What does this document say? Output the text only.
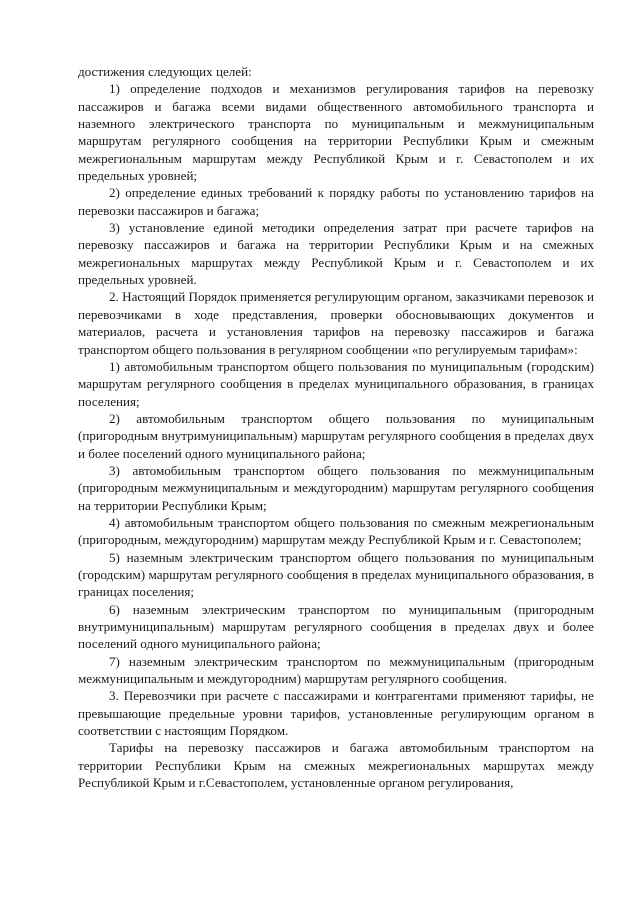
достижения следующих целей:

1) определение подходов и механизмов регулирования тарифов на перевозку пассажиров и багажа всеми видами общественного автомобильного транспорта и наземного электрического транспорта по муниципальным и межмуниципальным маршрутам регулярного сообщения на территории Республики Крым и смежным межрегиональным маршрутам между Республикой Крым и г. Севастополем и их предельных уровней;

2) определение единых требований к порядку работы по установлению тарифов на перевозки пассажиров и багажа;

3) установление единой методики определения затрат при расчете тарифов на перевозку пассажиров и багажа на территории Республики Крым и на смежных межрегиональных маршрутах между Республикой Крым и г. Севастополем и их предельных уровней.

2. Настоящий Порядок применяется регулирующим органом, заказчиками перевозок и перевозчиками в ходе представления, проверки обосновывающих документов и материалов, расчета и установления тарифов на перевозку пассажиров и багажа транспортом общего пользования в регулярном сообщении «по регулируемым тарифам»:

1) автомобильным транспортом общего пользования по муниципальным (городским) маршрутам регулярного сообщения в пределах муниципального образования, в границах поселения;

2) автомобильным транспортом общего пользования по муниципальным (пригородным внутримуниципальным) маршрутам регулярного сообщения в пределах двух и более поселений одного муниципального района;

3) автомобильным транспортом общего пользования по межмуниципальным (пригородным межмуниципальным и междугородним) маршрутам регулярного сообщения на территории Республики Крым;

4) автомобильным транспортом общего пользования по смежным межрегиональным (пригородным, междугородним) маршрутам между Республикой Крым и г. Севастополем;

5) наземным электрическим транспортом общего пользования по муниципальным (городским) маршрутам регулярного сообщения в пределах муниципального образования, в границах поселения;

6) наземным электрическим транспортом по муниципальным (пригородным внутримуниципальным) маршрутам регулярного сообщения в пределах двух и более поселений одного муниципального района;

7) наземным электрическим транспортом по межмуниципальным (пригородным межмуниципальным и междугородним) маршрутам регулярного сообщения.

3. Перевозчики при расчете с пассажирами и контрагентами применяют тарифы, не превышающие предельные уровни тарифов, установленные регулирующим органом в соответствии с настоящим Порядком.

Тарифы на перевозку пассажиров и багажа автомобильным транспортом на территории Республики Крым на смежных межрегиональных маршрутах между Республикой Крым и г.Севастополем, установленные органом регулирования,
